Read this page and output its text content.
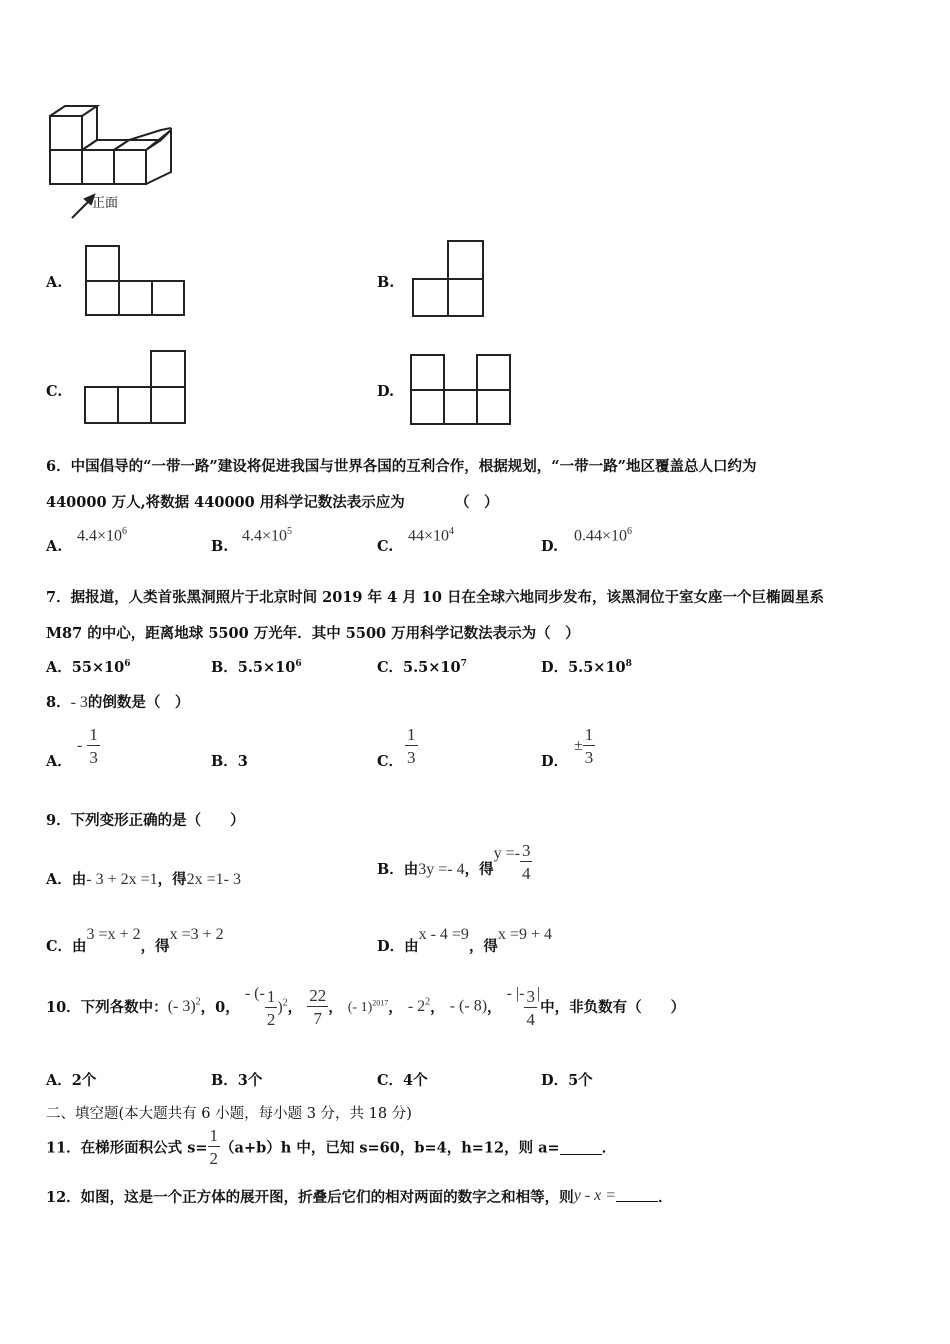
正面
A.	B.
C.	D.
6．中国倡导的“一带一路”建设将促进我国与世界各国的互利合作，根据规划，“一带一路”地区覆盖总人口约为
440000 万人,将数据 440000 用科学记数法表示应为	（　）
A.
$4.4\times 10^6$
B.
$4.4\times 10^5$
C.
$44\times 10^4$
D.
$0.44\times 10^6$
7．据报道，人类首张黑洞照片于北京时间 2019 年 4 月 10 日在全球六地同步发布，该黑洞位于室女座一个巨椭圆星系
M87 的中心，距离地球 5500 万光年．其中 5500 万用科学记数法表示为（　）
A．$55\times 10^6$	B．$5.5\times 10^6$	C．$5.5\times 10^7$	D．$5.5\times 10^8$
8．- 3的倒数是（　）
A．
- $\frac{1}{3}$	B．3	C． $\frac{1}{3}$	D．
± $\frac{1}{3}$
9．下列变形正确的是（　　）
A．由- 3 + 2x =1，得2x =1- 3
B．由3y =- 4，得$y =- \frac{3}{4}$
C．由3 =x + 2，得x =3 + 2
D．由x - 4 =9，得x =9 + 4
10．下列各数中：(- 3)$^2$，0， - (- $\frac{1}{2} )^2$， $\frac{22}{7}$ ， (- 1)$^{2017}$， - $2^2$， - (- 8)， - |- $\frac{3}{4}$ |中，非负数有（　　）
A．2个	B．3个	C．4个	D．5个
二、填空题(本大题共有 6 小题，每小题 3 分，共 18 分)
11．在梯形面积公式 $s= \frac{1}{2} (a+b)h$ 中，已知 s=60，b=4，h=12，则 a=	．
12．如图，这是一个正方体的展开图，折叠后它们的相对两面的数字之和相等，则y - x =	．
